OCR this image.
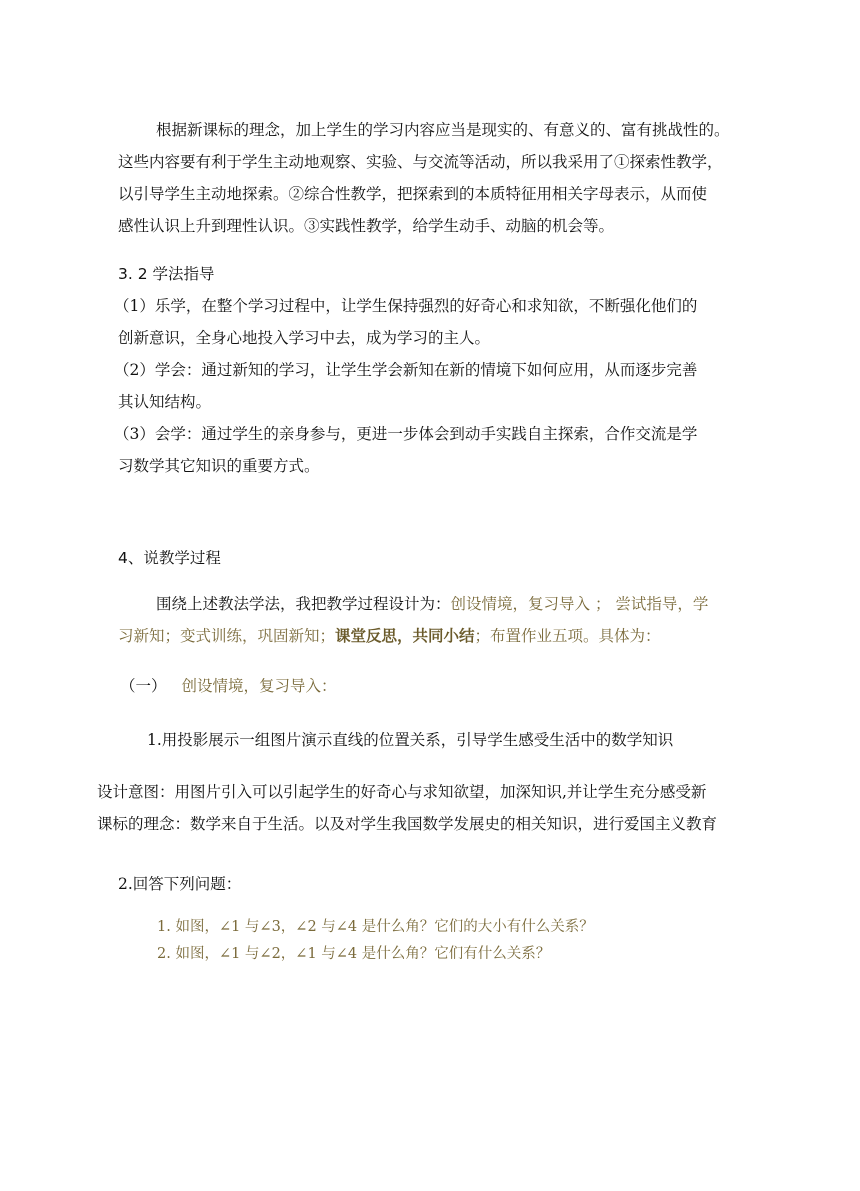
根据新课标的理念，加上学生的学习内容应当是现实的、有意义的、富有挑战性的。
这些内容要有利于学生主动地观察、实验、与交流等活动，所以我采用了①探索性教学，
以引导学生主动地探索。②综合性教学，把探索到的本质特征用相关字母表示，从而使
感性认识上升到理性认识。③实践性教学，给学生动手、动脑的机会等。
3. 2 学法指导
（1）乐学，在整个学习过程中，让学生保持强烈的好奇心和求知欲，不断强化他们的
创新意识，全身心地投入学习中去，成为学习的主人。
（2）学会：通过新知的学习，让学生学会新知在新的情境下如何应用，从而逐步完善
其认知结构。
（3）会学：通过学生的亲身参与，更进一步体会到动手实践自主探索，合作交流是学
习数学其它知识的重要方式。
4、说教学过程
围绕上述教法学法，我把教学过程设计为：创设情境，复习导入 ； 尝试指导，学
习新知；变式训练，巩固新知；课堂反思，共同小结；布置作业五项。具体为：
（一） 创设情境，复习导入：
1.用投影展示一组图片演示直线的位置关系，引导学生感受生活中的数学知识
设计意图：用图片引入可以引起学生的好奇心与求知欲望，加深知识,并让学生充分感受新
课标的理念：数学来自于生活。以及对学生我国数学发展史的相关知识，进行爱国主义教育
2.回答下列问题：
1. 如图，∠1 与∠3，∠2 与∠4 是什么角？它们的大小有什么关系？
2. 如图，∠1 与∠2，∠1 与∠4 是什么角？它们有什么关系？
